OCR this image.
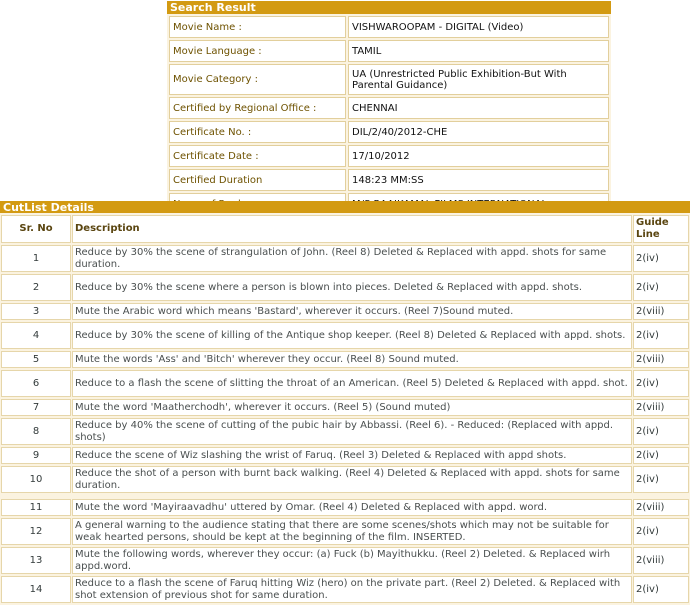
Search Result
Movie Name :	VISHWAROOPAM - DIGITAL (Video)
Movie Language :	TAMIL
Movie Category :	UA (Unrestricted Public Exhibition-But With Parental Guidance)
Certified by Regional Office :	CHENNAI
Certificate No. :	DIL/2/40/2012-CHE
Certificate Date :	17/10/2012
Certified Duration	148:23 MM:SS

CutList Details
Sr. No	Description	Guide Line
1	Reduce by 30% the scene of strangulation of John. (Reel 8) Deleted & Replaced with appd. shots for same duration.	2(iv)
2	Reduce by 30% the scene where a person is blown into pieces. Deleted & Replaced with appd. shots.	2(iv)
3	Mute the Arabic word which means 'Bastard', wherever it occurs. (Reel 7)Sound muted.	2(viii)
4	Reduce by 30% the scene of killing of the Antique shop keeper. (Reel 8) Deleted & Replaced with appd. shots.	2(iv)
5	Mute the words 'Ass' and 'Bitch' wherever they occur. (Reel 8) Sound muted.	2(viii)
6	Reduce to a flash the scene of slitting the throat of an American. (Reel 5) Deleted & Replaced with appd. shot.	2(iv)
7	Mute the word 'Maatherchodh', wherever it occurs. (Reel 5) (Sound muted)	2(viii)
8	Reduce by 40% the scene of cutting of the pubic hair by Abbassi. (Reel 6). - Reduced: (Replaced with appd. shots)	2(iv)
9	Reduce the scene of Wiz slashing the wrist of Faruq. (Reel 3) Deleted & Replaced with appd shots.	2(iv)
10	Reduce the shot of a person with burnt back walking. (Reel 4) Deleted & Replaced with appd. shots for same duration.	2(iv)

11	Mute the word 'Mayiraavadhu' uttered by Omar. (Reel 4) Deleted & Replaced with appd. word.	2(viii)
12	A general warning to the audience stating that there are some scenes/shots which may not be suitable for weak hearted persons, should be kept at the beginning of the film. INSERTED.	2(iv)
13	Mute the following words, wherever they occur: (a) Fuck (b) Mayithukku. (Reel 2) Deleted. & Replaced wirh appd.word.	2(viii)
14	Reduce to a flash the scene of Faruq hitting Wiz (hero) on the private part. (Reel 2) Deleted. & Replaced with shot extension of previous shot for same duration.	2(iv)
